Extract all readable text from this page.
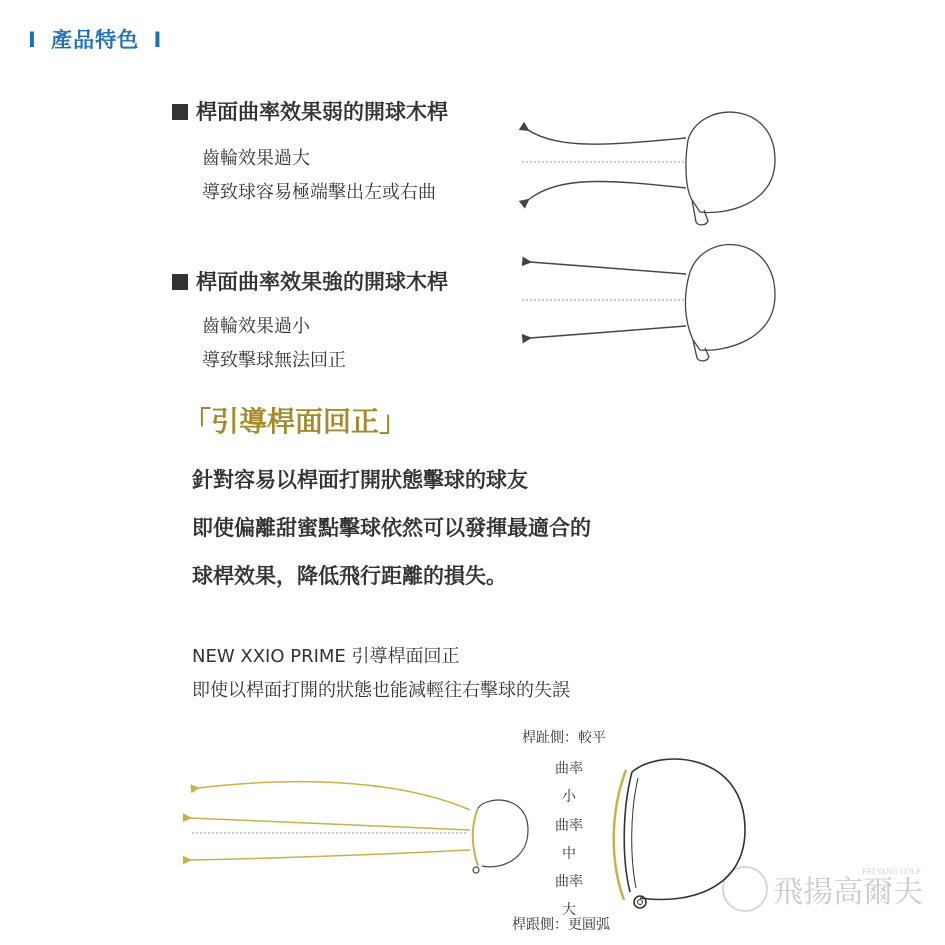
I 產品特色 I
桿面曲率效果弱的開球木桿
齒輪效果過大
導致球容易極端擊出左或右曲
桿面曲率效果強的開球木桿
齒輪效果過小
導致擊球無法回正
「引導桿面回正」
針對容易以桿面打開狀態擊球的球友
即使偏離甜蜜點擊球依然可以發揮最適合的
球桿效果，降低飛行距離的損失。
NEW XXIO PRIME 引導桿面回正
即使以桿面打開的狀態也能減輕往右擊球的失誤
桿趾側：較平
曲率
小
曲率
中
曲率
大
桿跟側：更圓弧
飛揚高爾夫
FEI YANG GOLF
